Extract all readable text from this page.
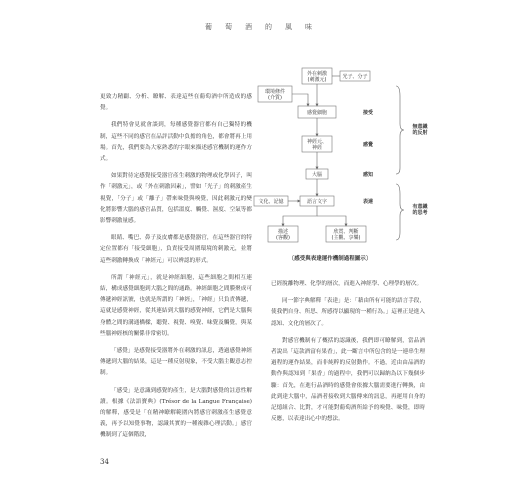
葡　萄　酒　的　風　味

更致力精闢、分析、瞭解、表達這些在葡萄酒中所造成的感覺。

我們特會見就會談到，每種感覺器官都有自己獨特的機制，這些不同的感官在品評活動中負擔的角色，都會將再上用場。首先，我們要為大家熟悉的字眼來描述感官機制的運作方式。

如果對待定感覺接受器官產生刺激的物理或化學因子，叫作「刺激元」，或「外在刺激因素」，譬如「光子」的刺激產生視覺，「分子」或「離子」帶來味覺與嗅覺，因此刺激元的變化將影響大腦的感官品質，包括溫度、觸覺、濕度、空氣等都影響刺激量感。

眼睛、嘴巴、鼻子及皮膚都是感覺器官，在這些器官的特定位置都有「接受細胞」，負責接受周圍環境的刺激元，並將這些刺激轉換成「神經元」可以辨認的形式。

所謂「神經元」，就是神經細胞，這些細胞之間相互連結，構成感覺細胞到大腦之間的通路。神經細胞之間膜聚成可傳遞神經訊號，也就是所謂的「神經」，「神經」只負責傳遞，這就是感覺神經，從其連結到大腦的感覺神經，它們是大腦與身體之間的溝通橋樑，聽覺、視覺、嗅覺、味覺及觸覺，與某些腦神經核的關係非常密切。

「感覺」是感覺接受器將外在刺激的訊息，透過感覺神經傳遞到大腦的結果，這是一種反射現象，不受大腦主觀意志控制。

「感受」是意識到感覺的產生，是大腦對感覺的註意性解讀。根據《法語寶典》(Trésor de la Langue Française)的解釋，感受是「在精神瞭解範圍內將感官刺激產生感覺意義，再予以知覺事物，認識其實的一種複雜心理活動。」感官機制到了這個階段，

外在刺激(刺激元)	光子、分子
環境條件(介質)
感覺細胞
神經元、神經
大腦
文化、記憶	語言文字
描述(客觀)
欣賞、判斷(主觀、享樂)
接受
感覺
感知
表達
無意識的反射
有意識的思考
〔感受與表達運作機制過程圖示〕

已經脫離物理、化學的層次，而進入神經學、心理學的層次。

同一節字典解釋「表達」是：「藉由所有可能的語言手段，使我們自身、所思、所感得以顯現的一種行為。」這裡正是進入認知、文化的層次了。

對感官機制有了概括的認識後，我們即可瞭解到，當品酒者說出「這款酒富有果香」，此一斷言中所包含的是一連串生理過程的運作結果，而非純粹的反射動作。不過，近由由品酒的動作與認知到「果香」的過程中，我們可以歸納為以下幾個步驟：首先，在進行品酒時的感覺會依據大腦需要進行轉換，由此到達大腦中，品酒者接收到大腦傳來的訊息，再運用自身的記憶組合、比對，才可能對葡萄酒所給予的嗅覺、味覺，即時反應，以表達出心中的想法。

34
